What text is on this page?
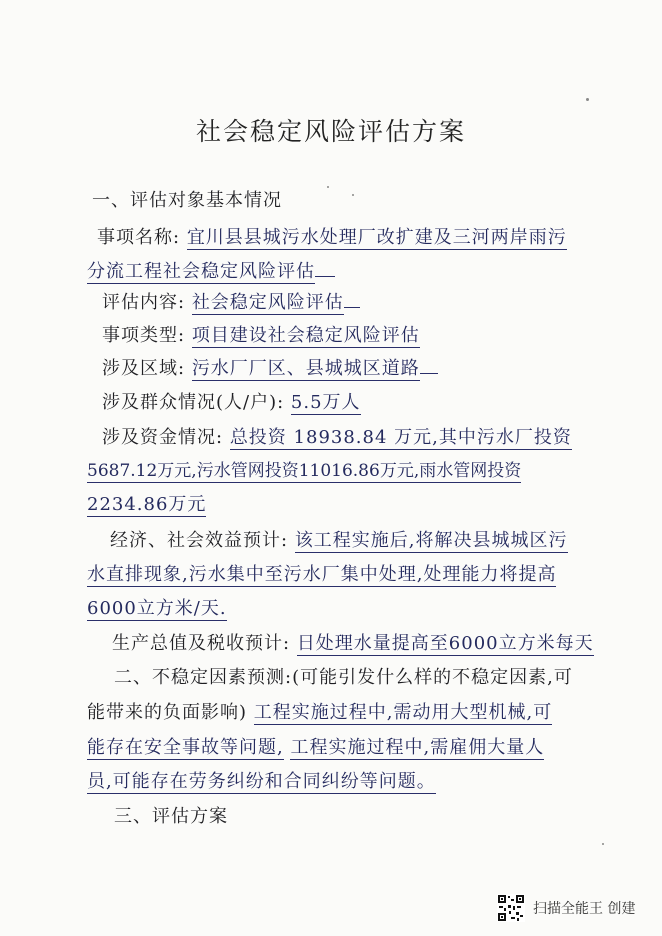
社会稳定风险评估方案
一、评估对象基本情况
事项名称: 宜川县县城污水处理厂改扩建及三河两岸雨污
分流工程社会稳定风险评估
评估内容: 社会稳定风险评估
事项类型: 项目建设社会稳定风险评估
涉及区域: 污水厂厂区、县城城区道路
涉及群众情况(人/户): 5.5万人
涉及资金情况: 总投资 18938.84 万元,其中污水厂投资
5687.12万元,污水管网投资11016.86万元,雨水管网投资
2234.86万元
经济、社会效益预计: 该工程实施后,将解决县城城区污
水直排现象,污水集中至污水厂集中处理,处理能力将提高
6000立方米/天.
生产总值及税收预计: 日处理水量提高至6000立方米每天
二、不稳定因素预测:(可能引发什么样的不稳定因素,可
能带来的负面影响) 工程实施过程中,需动用大型机械,可
能存在安全事故等问题, 工程实施过程中,需雇佣大量人
员,可能存在劳务纠纷和合同纠纷等问题。
三、评估方案
扫描全能王 创建
